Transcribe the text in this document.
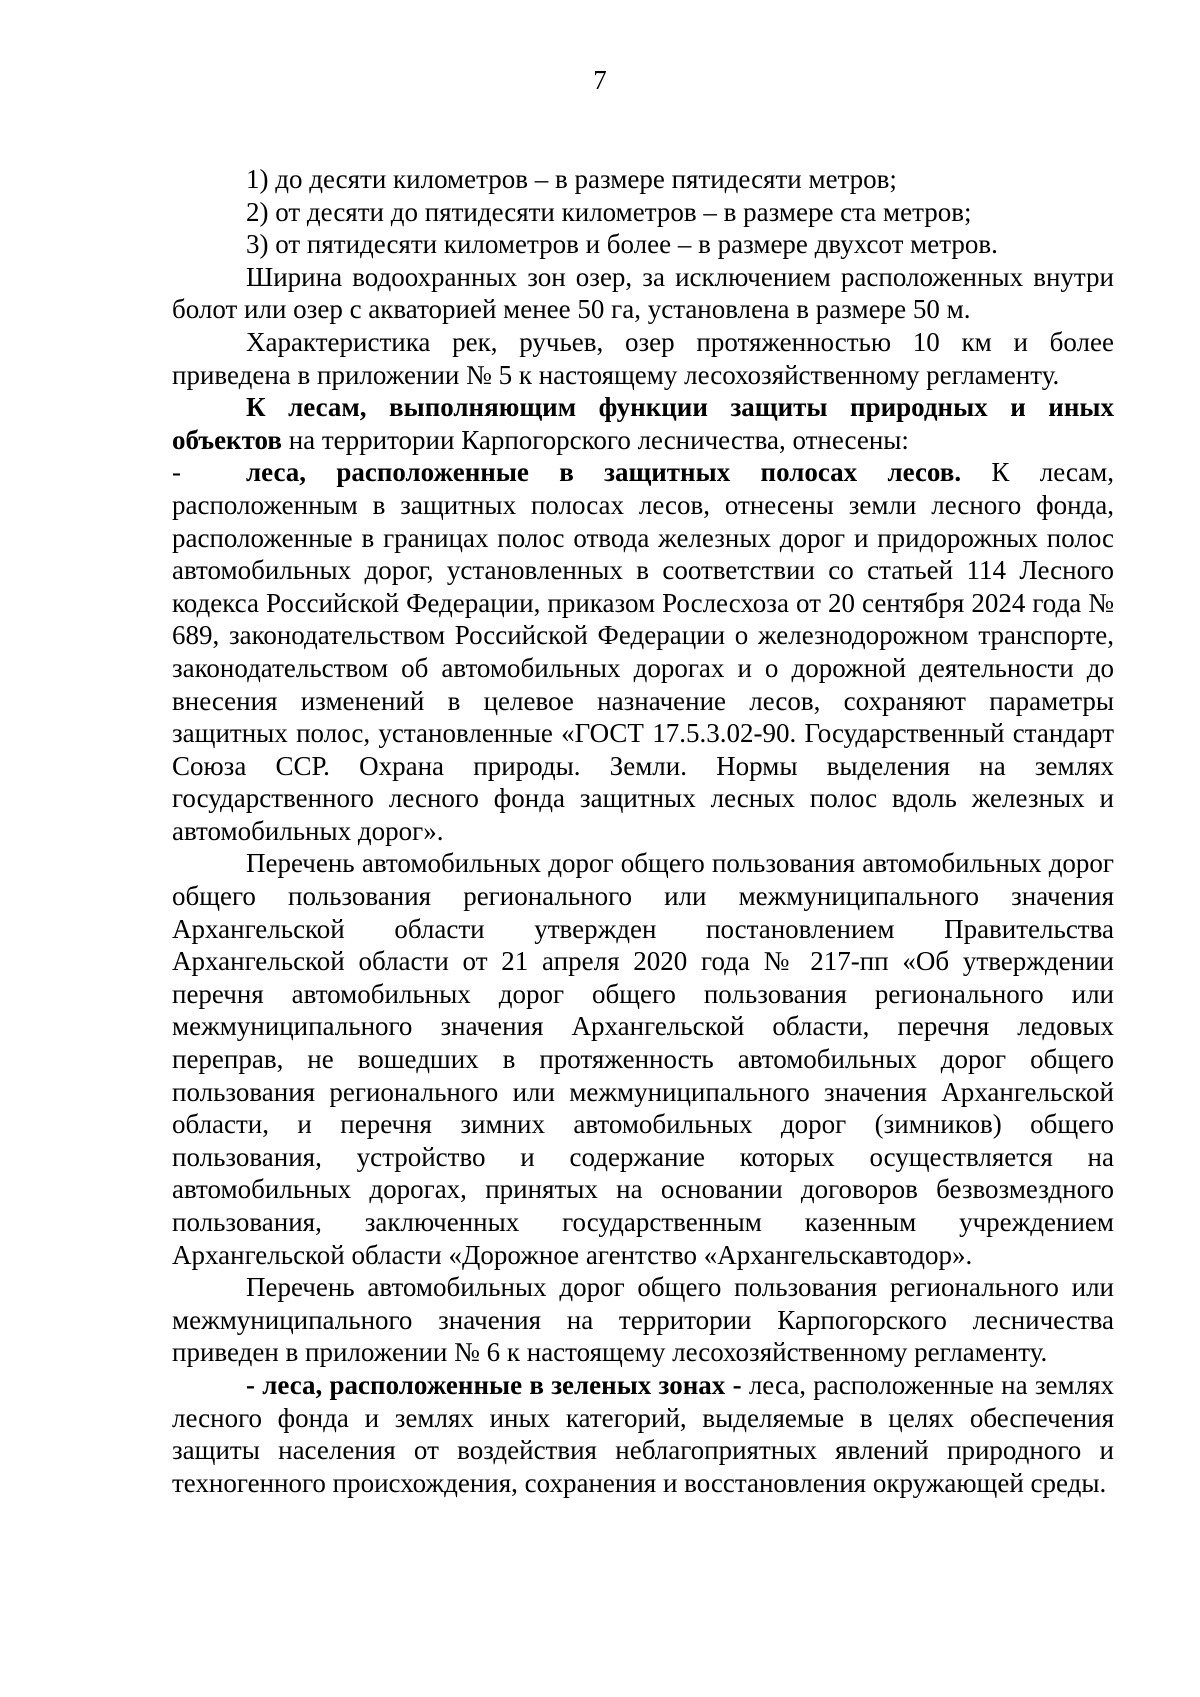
7

1) до десяти километров – в размере пятидесяти метров;

2) от десяти до пятидесяти километров – в размере ста метров;

3) от пятидесяти километров и более – в размере двухсот метров.

Ширина водоохранных зон озер, за исключением расположенных внутри болот или озер с акваторией менее 50 га, установлена в размере 50 м.

Характеристика рек, ручьев, озер протяженностью 10 км и более приведена в приложении № 5 к настоящему лесохозяйственному регламенту.

К лесам, выполняющим функции защиты природных и иных объектов на территории Карпогорского лесничества, отнесены:

- леса, расположенные в защитных полосах лесов. К лесам, расположенным в защитных полосах лесов, отнесены земли лесного фонда, расположенные в границах полос отвода железных дорог и придорожных полос автомобильных дорог, установленных в соответствии со статьей 114 Лесного кодекса Российской Федерации, приказом Рослесхоза от 20 сентября 2024 года № 689, законодательством Российской Федерации о железнодорожном транспорте, законодательством об автомобильных дорогах и о дорожной деятельности до внесения изменений в целевое назначение лесов, сохраняют параметры защитных полос, установленные «ГОСТ 17.5.3.02-90. Государственный стандарт Союза ССР. Охрана природы. Земли. Нормы выделения на землях государственного лесного фонда защитных лесных полос вдоль железных и автомобильных дорог».

Перечень автомобильных дорог общего пользования автомобильных дорог общего пользования регионального или межмуниципального значения Архангельской области утвержден постановлением Правительства Архангельской области от 21 апреля 2020 года № 217-пп «Об утверждении перечня автомобильных дорог общего пользования регионального или межмуниципального значения Архангельской области, перечня ледовых переправ, не вошедших в протяженность автомобильных дорог общего пользования регионального или межмуниципального значения Архангельской области, и перечня зимних автомобильных дорог (зимников) общего пользования, устройство и содержание которых осуществляется на автомобильных дорогах, принятых на основании договоров безвозмездного пользования, заключенных государственным казенным учреждением Архангельской области «Дорожное агентство «Архангельскавтодор».

Перечень автомобильных дорог общего пользования регионального или межмуниципального значения на территории Карпогорского лесничества приведен в приложении № 6 к настоящему лесохозяйственному регламенту.

- леса, расположенные в зеленых зонах - леса, расположенные на землях лесного фонда и землях иных категорий, выделяемые в целях обеспечения защиты населения от воздействия неблагоприятных явлений природного и техногенного происхождения, сохранения и восстановления окружающей среды.
